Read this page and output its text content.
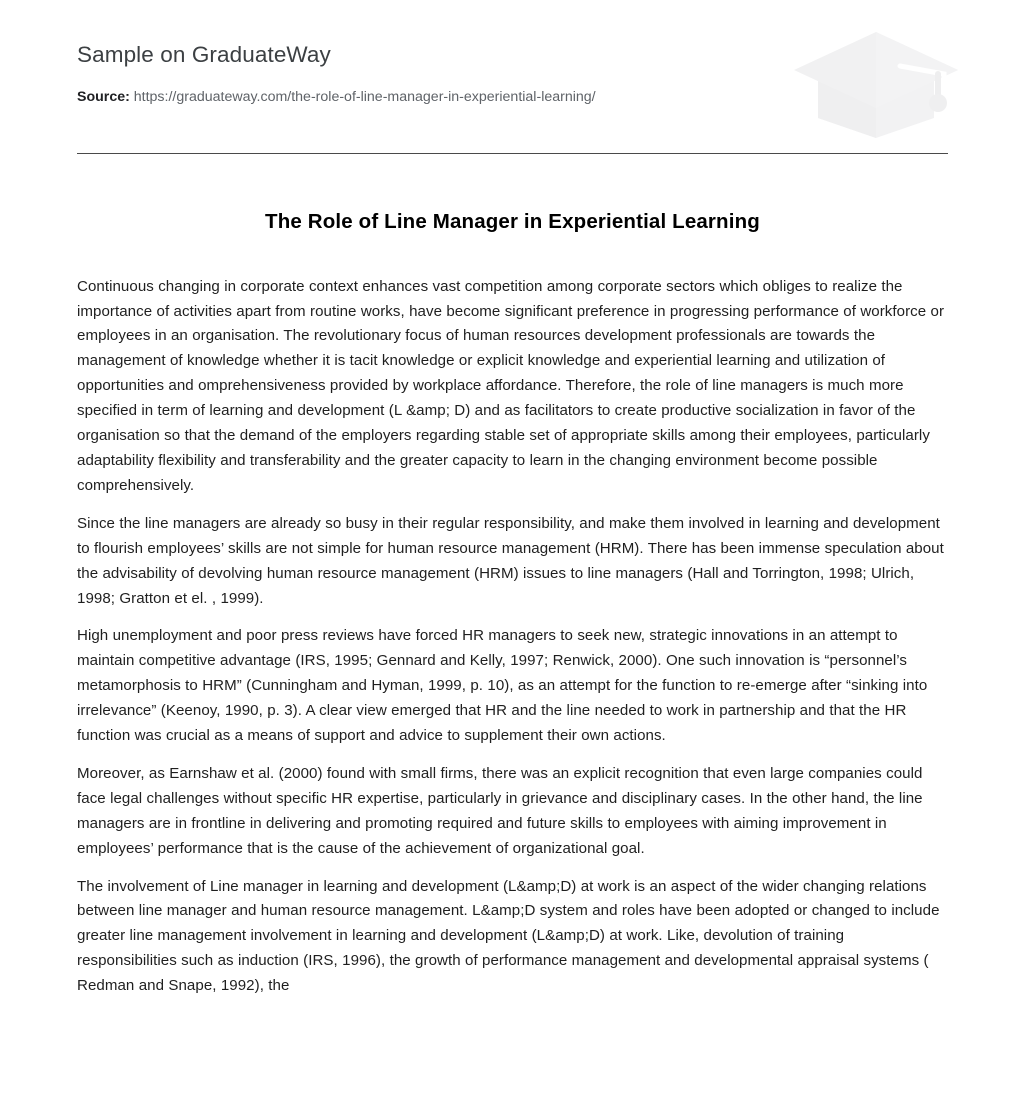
Sample on GraduateWay
Source: https://graduateway.com/the-role-of-line-manager-in-experiential-learning/
The Role of Line Manager in Experiential Learning

Continuous changing in corporate context enhances vast competition among corporate sectors which obliges to realize the importance of activities apart from routine works, have become significant preference in progressing performance of workforce or employees in an organisation. The revolutionary focus of human resources development professionals are towards the management of knowledge whether it is tacit knowledge or explicit knowledge and experiential learning and utilization of opportunities and omprehensiveness provided by workplace affordance. Therefore, the role of line managers is much more specified in term of learning and development (L &amp; D) and as facilitators to create productive socialization in favor of the organisation so that the demand of the employers regarding stable set of appropriate skills among their employees, particularly adaptability flexibility and transferability and the greater capacity to learn in the changing environment become possible comprehensively.

Since the line managers are already so busy in their regular responsibility, and make them involved in learning and development to flourish employees’ skills are not simple for human resource management (HRM). There has been immense speculation about the advisability of devolving human resource management (HRM) issues to line managers (Hall and Torrington, 1998; Ulrich, 1998; Gratton et el. , 1999).

High unemployment and poor press reviews have forced HR managers to seek new, strategic innovations in an attempt to maintain competitive advantage (IRS, 1995; Gennard and Kelly, 1997; Renwick, 2000). One such innovation is “personnel’s metamorphosis to HRM” (Cunningham and Hyman, 1999, p. 10), as an attempt for the function to re-emerge after “sinking into irrelevance” (Keenoy, 1990, p. 3). A clear view emerged that HR and the line needed to work in partnership and that the HR function was crucial as a means of support and advice to supplement their own actions.

Moreover, as Earnshaw et al. (2000) found with small firms, there was an explicit recognition that even large companies could face legal challenges without specific HR expertise, particularly in grievance and disciplinary cases. In the other hand, the line managers are in frontline in delivering and promoting required and future skills to employees with aiming improvement in employees’ performance that is the cause of the achievement of organizational goal.

The involvement of Line manager in learning and development (L&amp;D) at work is an aspect of the wider changing relations between line manager and human resource management. L&amp;D system and roles have been adopted or changed to include greater line management involvement in learning and development (L&amp;D) at work. Like, devolution of training responsibilities such as induction (IRS, 1996), the growth of performance management and developmental appraisal systems ( Redman and Snape, 1992), the
